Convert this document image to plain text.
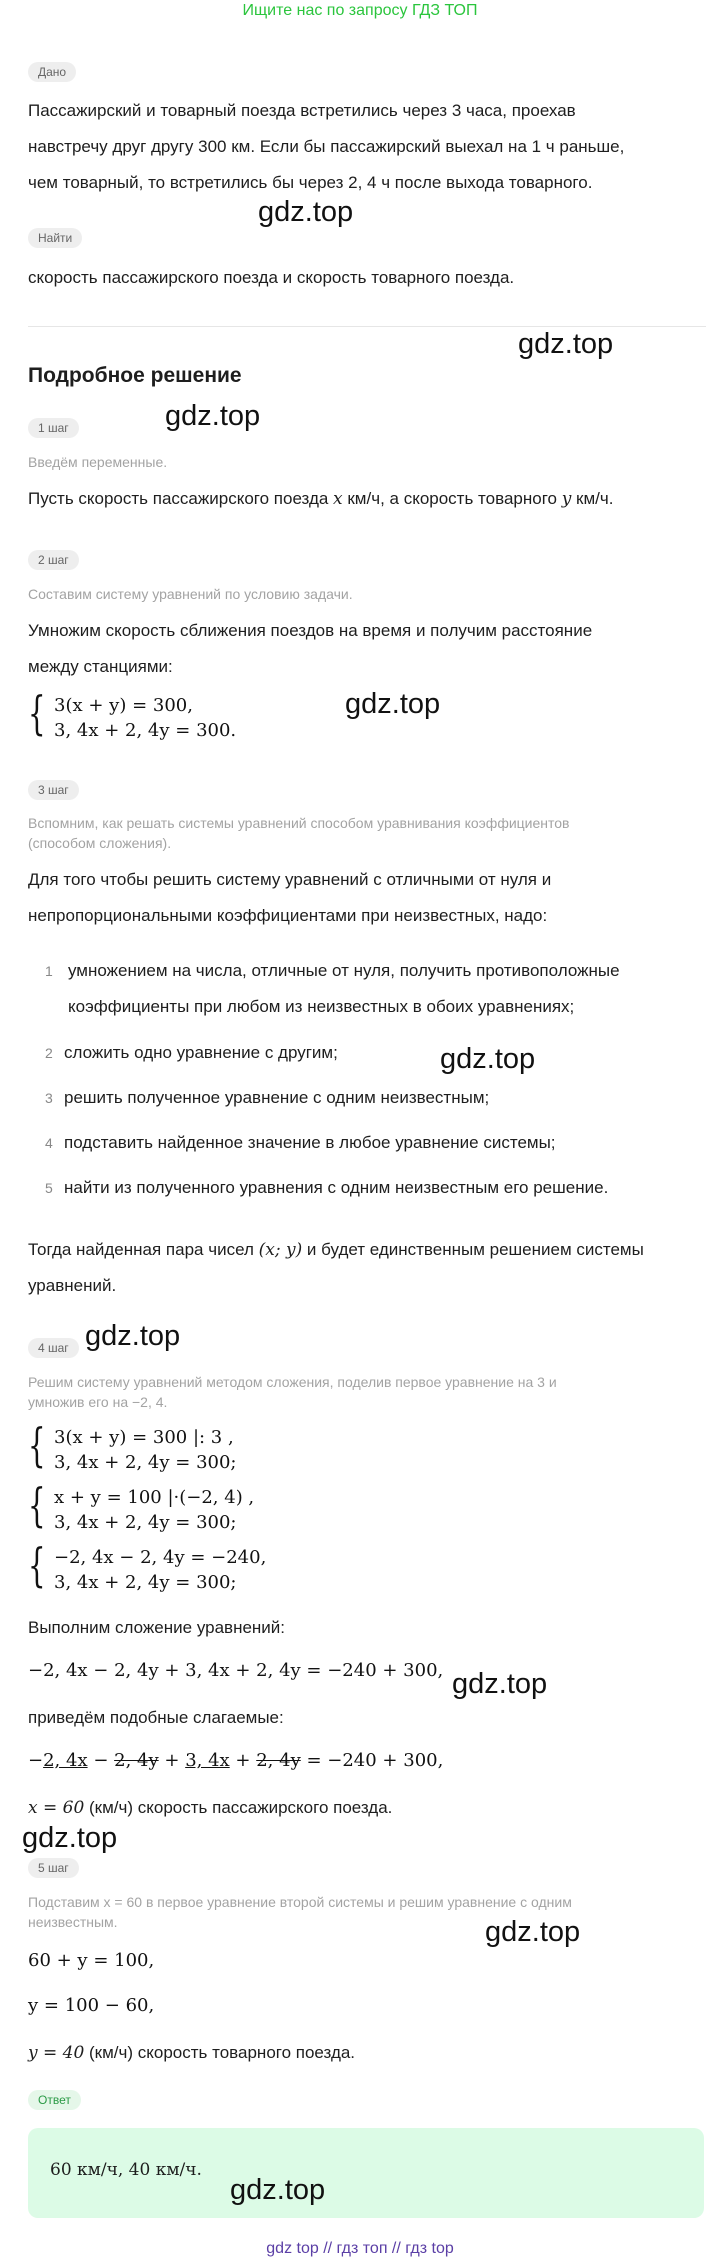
Ищите нас по запросу ГДЗ ТОП
Дано
Пассажирский и товарный поезда встретились через 3 часа, проехав
навстречу друг другу 300 км. Если бы пассажирский выехал на 1 ч раньше,
чем товарный, то встретились бы через 2, 4 ч после выхода товарного.
Найти
gdz.top
скорость пассажирского поезда и скорость товарного поезда.
gdz.top
Подробное решение
1 шаг	gdz.top
Введём переменные.
Пусть скорость пассажирского поезда x км/ч, а скорость товарного y км/ч.
2 шаг
Составим систему уравнений по условию задачи.
Умножим скорость сближения поездов на время и получим расстояние
между станциями:
{ 3(x + y) = 300,
3, 4x + 2, 4y = 300.
gdz.top
3 шаг
Вспомним, как решать системы уравнений способом уравнивания коэффициентов
(способом сложения).
Для того чтобы решить систему уравнений с отличными от нуля и
непропорциональными коэффициентами при неизвестных, надо:
1 умножением на числа, отличные от нуля, получить противоположные
коэффициенты при любом из неизвестных в обоих уравнениях;
2 сложить одно уравнение с другим;	gdz.top
3 решить полученное уравнение с одним неизвестным;
4 подставить найденное значение в любое уравнение системы;
5 найти из полученного уравнения с одним неизвестным его решение.
Тогда найденная пара чисел (x; y) и будет единственным решением системы
уравнений.
gdz.top
4 шаг
Решим систему уравнений методом сложения, поделив первое уравнение на 3 и
умножив его на −2, 4.
{ 3(x + y) = 300 |: 3 ,
3, 4x + 2, 4y = 300;
{ x + y = 100 |·(−2, 4) ,
3, 4x + 2, 4y = 300;
{ −2, 4x − 2, 4y = −240,
3, 4x + 2, 4y = 300;
Выполним сложение уравнений:
−2, 4x − 2, 4y + 3, 4x + 2, 4y = −240 + 300, gdz.top
приведём подобные слагаемые:
−2, 4x − 2, 4y + 3, 4x + 2, 4y = −240 + 300,
x = 60 (км/ч) скорость пассажирского поезда.
gdz.top
5 шаг
Подставим x = 60 в первое уравнение второй системы и решим уравнение с одним
неизвестным.	gdz.top
60 + y = 100,
y = 100 − 60,
y = 40 (км/ч) скорость товарного поезда.
Ответ
60 км/ч, 40 км/ч.
gdz.top
gdz top // гдз топ // гдз top
